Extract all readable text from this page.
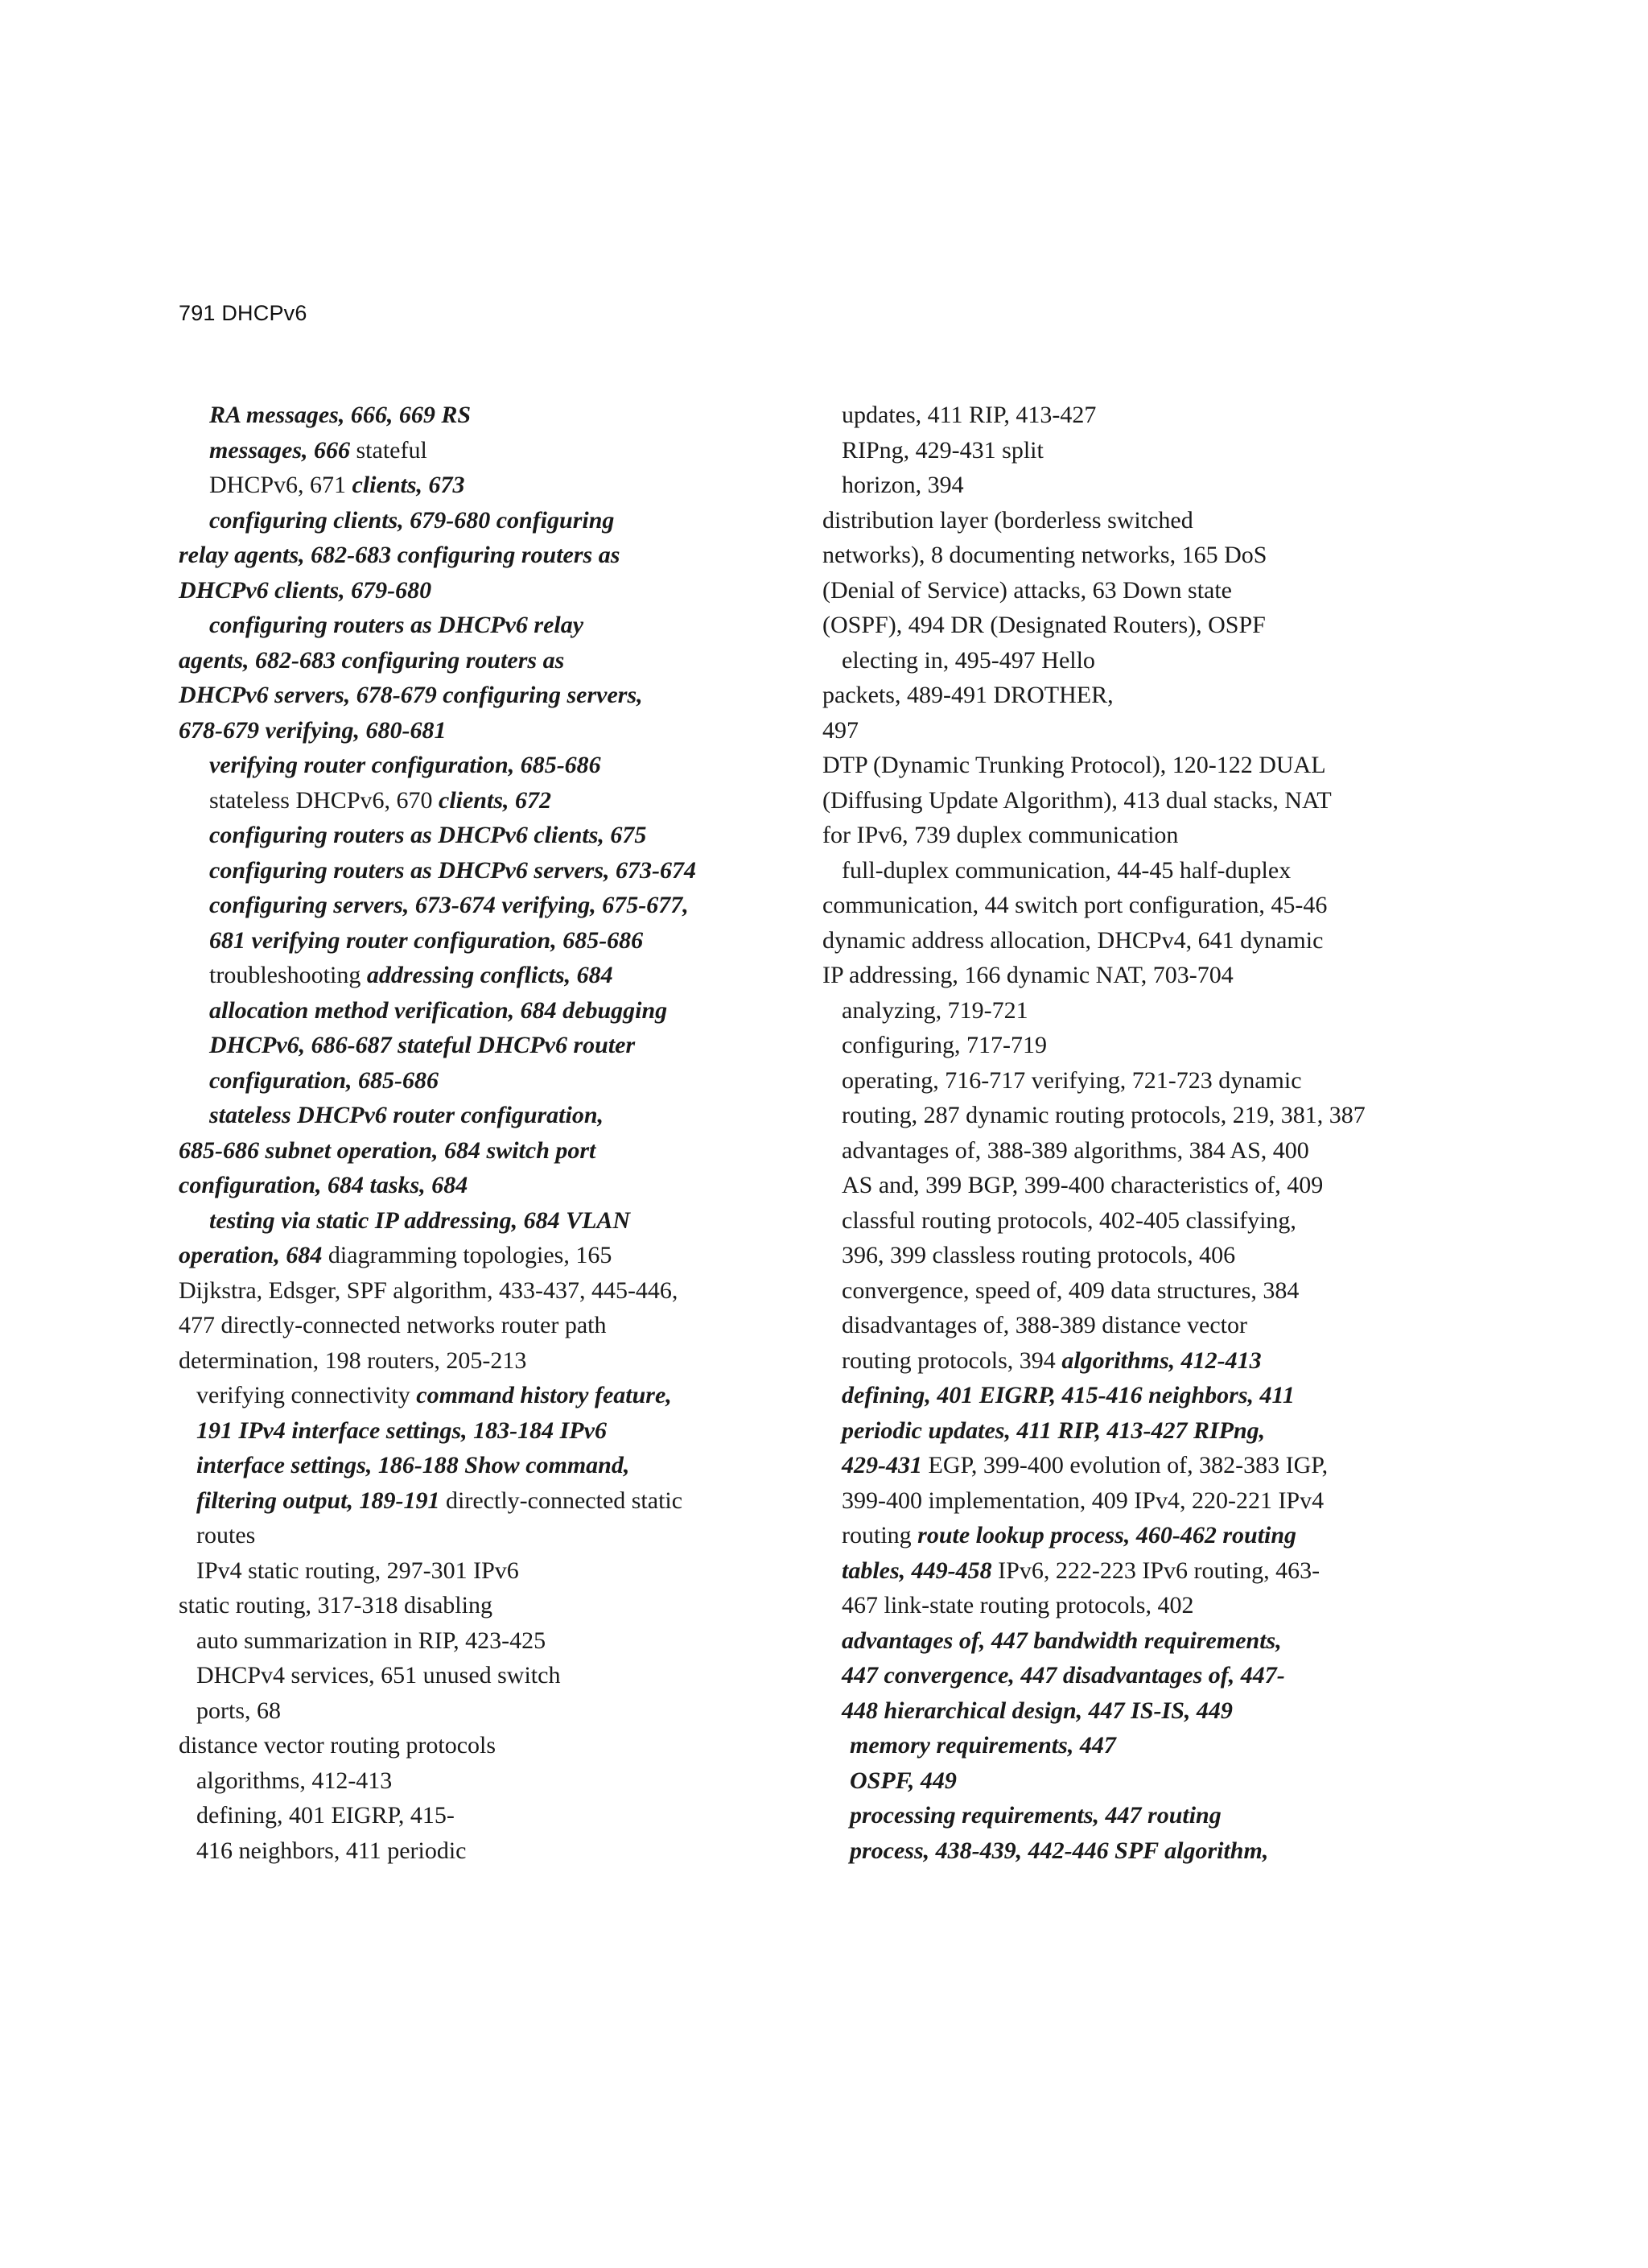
791 DHCPv6
RA messages, 666, 669 RS
messages, 666 stateful
DHCPv6, 671 clients, 673
configuring clients, 679-680 configuring
relay agents, 682-683 configuring routers as
DHCPv6 clients, 679-680
configuring routers as DHCPv6 relay
agents, 682-683 configuring routers as
DHCPv6 servers, 678-679 configuring servers,
678-679 verifying, 680-681
verifying router configuration, 685-686
stateless DHCPv6, 670 clients, 672
configuring routers as DHCPv6 clients, 675
configuring routers as DHCPv6 servers, 673-674
configuring servers, 673-674 verifying, 675-677,
681 verifying router configuration, 685-686
troubleshooting addressing conflicts, 684
allocation method verification, 684 debugging
DHCPv6, 686-687 stateful DHCPv6 router
configuration, 685-686
stateless DHCPv6 router configuration,
685-686 subnet operation, 684 switch port
configuration, 684 tasks, 684
testing via static IP addressing, 684 VLAN
operation, 684 diagramming topologies, 165
Dijkstra, Edsger, SPF algorithm, 433-437, 445-446,
477 directly-connected networks router path
determination, 198 routers, 205-213
verifying connectivity command history feature,
191 IPv4 interface settings, 183-184 IPv6
interface settings, 186-188 Show command,
filtering output, 189-191 directly-connected static
routes
IPv4 static routing, 297-301 IPv6
static routing, 317-318 disabling
auto summarization in RIP, 423-425
DHCPv4 services, 651 unused switch
ports, 68
distance vector routing protocols
algorithms, 412-413
defining, 401 EIGRP, 415-
416 neighbors, 411 periodic
updates, 411 RIP, 413-427
RIPng, 429-431 split
horizon, 394
distribution layer (borderless switched
networks), 8 documenting networks, 165 DoS
(Denial of Service) attacks, 63 Down state
(OSPF), 494 DR (Designated Routers), OSPF
electing in, 495-497 Hello
packets, 489-491 DROTHER,
497
DTP (Dynamic Trunking Protocol), 120-122 DUAL
(Diffusing Update Algorithm), 413 dual stacks, NAT
for IPv6, 739 duplex communication
full-duplex communication, 44-45 half-duplex
communication, 44 switch port configuration, 45-46
dynamic address allocation, DHCPv4, 641 dynamic
IP addressing, 166 dynamic NAT, 703-704
analyzing, 719-721
configuring, 717-719
operating, 716-717 verifying, 721-723 dynamic
routing, 287 dynamic routing protocols, 219, 381, 387
advantages of, 388-389 algorithms, 384 AS, 400
AS and, 399 BGP, 399-400 characteristics of, 409
classful routing protocols, 402-405 classifying,
396, 399 classless routing protocols, 406
convergence, speed of, 409 data structures, 384
disadvantages of, 388-389 distance vector
routing protocols, 394 algorithms, 412-413
defining, 401 EIGRP, 415-416 neighbors, 411
periodic updates, 411 RIP, 413-427 RIPng,
429-431 EGP, 399-400 evolution of, 382-383 IGP,
399-400 implementation, 409 IPv4, 220-221 IPv4
routing route lookup process, 460-462 routing
tables, 449-458 IPv6, 222-223 IPv6 routing, 463-
467 link-state routing protocols, 402
advantages of, 447 bandwidth requirements,
447 convergence, 447 disadvantages of, 447-
448 hierarchical design, 447 IS-IS, 449
memory requirements, 447
OSPF, 449
processing requirements, 447 routing
process, 438-439, 442-446 SPF algorithm,
